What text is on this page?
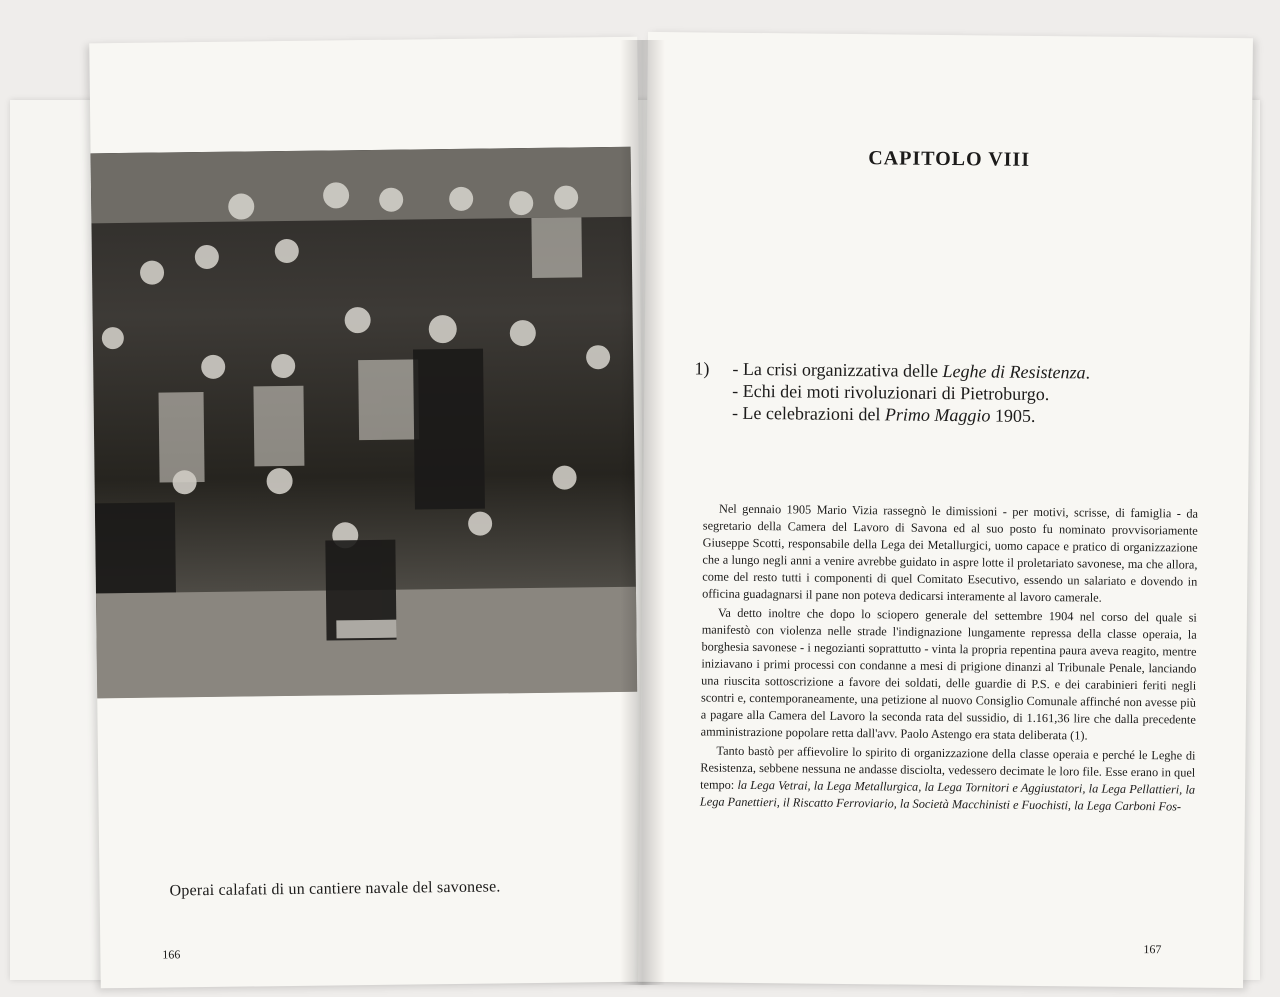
Operai calafati di un cantiere navale del savonese.
166
CAPITOLO VIII
1) - La crisi organizzativa delle Leghe di Resistenza.
- Echi dei moti rivoluzionari di Pietroburgo.
- Le celebrazioni del Primo Maggio 1905.

Nel gennaio 1905 Mario Vizia rassegnò le dimissioni - per motivi, scrisse, di famiglia - da segretario della Camera del Lavoro di Savona ed al suo posto fu nominato provvisoriamente Giuseppe Scotti, responsabile della Lega dei Metallurgici, uomo capace e pratico di organizzazione che a lungo negli anni a venire avrebbe guidato in aspre lotte il proletariato savonese, ma che allora, come del resto tutti i componenti di quel Comitato Esecutivo, essendo un salariato e dovendo in officina guadagnarsi il pane non poteva dedicarsi interamente al lavoro camerale.

Va detto inoltre che dopo lo sciopero generale del settembre 1904 nel corso del quale si manifestò con violenza nelle strade l'indignazione lungamente repressa della classe operaia, la borghesia savonese - i negozianti soprattutto - vinta la propria repentina paura aveva reagito, mentre iniziavano i primi processi con condanne a mesi di prigione dinanzi al Tribunale Penale, lanciando una riuscita sottoscrizione a favore dei soldati, delle guardie di P.S. e dei carabinieri feriti negli scontri e, contemporaneamente, una petizione al nuovo Consiglio Comunale affinché non avesse più a pagare alla Camera del Lavoro la seconda rata del sussidio, di 1.161,36 lire che dalla precedente amministrazione popolare retta dall'avv. Paolo Astengo era stata deliberata (1).

Tanto bastò per affievolire lo spirito di organizzazione della classe operaia e perché le Leghe di Resistenza, sebbene nessuna ne andasse disciolta, vedessero decimate le loro file. Esse erano in quel tempo: la Lega Vetrai, la Lega Metallurgica, la Lega Tornitori e Aggiustatori, la Lega Pellattieri, la Lega Panettieri, il Riscatto Ferroviario, la Società Macchinisti e Fuochisti, la Lega Carboni Fos-

167
